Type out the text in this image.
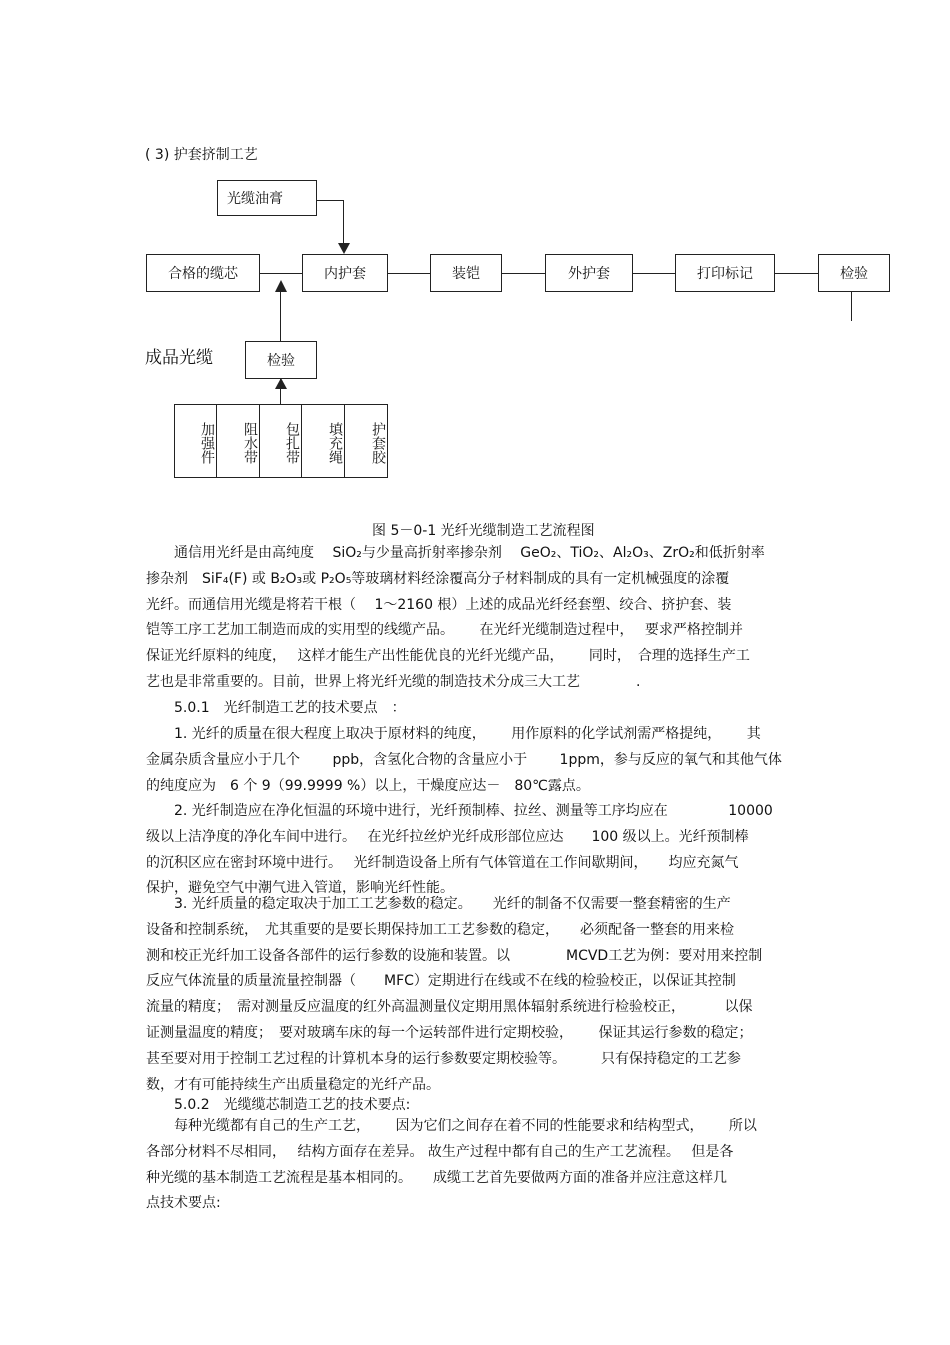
( 3) 护套挤制工艺
光缆油膏
合格的缆芯	内护套	装铠	外护套	打印标记	检验
成品光缆	检验
加强件	阻水带	包扎带	填充绳	护套胶
图 5－0-1 光纤光缆制造工艺流程图
通信用光纤是由高纯度　 SiO₂与少量高折射率掺杂剂　 GeO₂、TiO₂、Al₂O₃、ZrO₂和低折射率
掺杂剂　SiF₄(F) 或 B₂O₃或 P₂O₅等玻璃材料经涂覆高分子材料制成的具有一定机械强度的涂覆
光纤。而通信用光缆是将若干根（　 1～2160 根）上述的成品光纤经套塑、绞合、挤护套、装
铠等工序工艺加工制造而成的实用型的线缆产品。　　 在光纤光缆制造过程中，　 要求严格控制并
保证光纤原料的纯度，　 这样才能生产出性能优良的光纤光缆产品，　　 同时，　合理的选择生产工
艺也是非常重要的。目前，世界上将光纤光缆的制造技术分成三大工艺　　　　.
5.0.1　光纤制造工艺的技术要点　：
1. 光纤的质量在很大程度上取决于原材料的纯度，　　 用作原料的化学试剂需严格提纯，　　 其
金属杂质含量应小于几个　　 ppb，含氢化合物的含量应小于　　 1ppm，参与反应的氧气和其他气体
的纯度应为　6 个 9（99.9999 %）以上，干燥度应达－　80℃露点。
2. 光纤制造应在净化恒温的环境中进行，光纤预制棒、拉丝、测量等工序均应在　　　　 10000
级以上洁净度的净化车间中进行。　 在光纤拉丝炉光纤成形部位应达　　100 级以上。光纤预制棒
的沉积区应在密封环境中进行。　 光纤制造设备上所有气体管道在工作间歇期间，　　均应充氮气
保护，避免空气中潮气进入管道，影响光纤性能。
3. 光纤质量的稳定取决于加工工艺参数的稳定。　　光纤的制备不仅需要一整套精密的生产
设备和控制系统，　尤其重要的是要长期保持加工工艺参数的稳定，　　必须配备一整套的用来检
测和校正光纤加工设备各部件的运行参数的设施和装置。以　　　　MCVD工艺为例：要对用来控制
反应气体流量的质量流量控制器（　　MFC）定期进行在线或不在线的检验校正，以保证其控制
流量的精度；　需对测量反应温度的红外高温测量仪定期用黑体辐射系统进行检验校正，　　　 以保
证测量温度的精度；　要对玻璃车床的每一个运转部件进行定期校验，　　 保证其运行参数的稳定；
甚至要对用于控制工艺过程的计算机本身的运行参数要定期校验等。　　　只有保持稳定的工艺参
数，才有可能持续生产出质量稳定的光纤产品。
5.0.2　光缆缆芯制造工艺的技术要点:
每种光缆都有自己的生产工艺，　　 因为它们之间存在着不同的性能要求和结构型式，　　 所以
各部分材料不尽相同，　 结构方面存在差异。 故生产过程中都有自己的生产工艺流程。　 但是各
种光缆的基本制造工艺流程是基本相同的。　　成缆工艺首先要做两方面的准备并应注意这样几
点技术要点:
